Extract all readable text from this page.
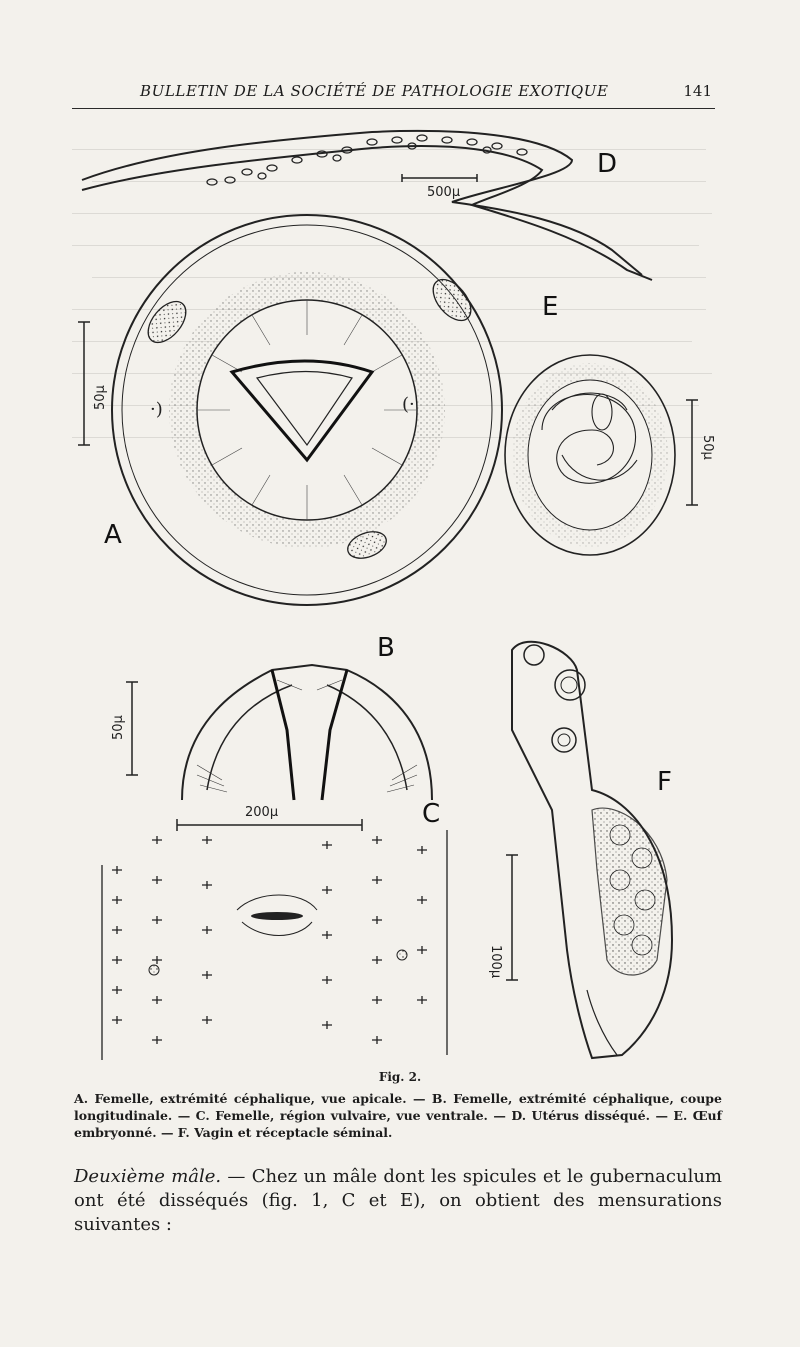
BULLETIN DE LA SOCIÉTÉ DE PATHOLOGIE EXOTIQUE	141
500μ
D
·)	(·
50μ
A
50μ
E
50μ
B
200μ	C
F
100μ
Fig. 2.
A. Femelle, extrémité céphalique, vue apicale. — B. Femelle, extrémité céphalique, coupe longitudinale. — C. Femelle, région vulvaire, vue ventrale. — D. Utérus disséqué. — E. Œuf embryonné. — F. Vagin et réceptacle séminal.
Deuxième mâle. — Chez un mâle dont les spicules et le gubernaculum ont été disséqués (fig. 1, C et E), on obtient des mensurations suivantes :
